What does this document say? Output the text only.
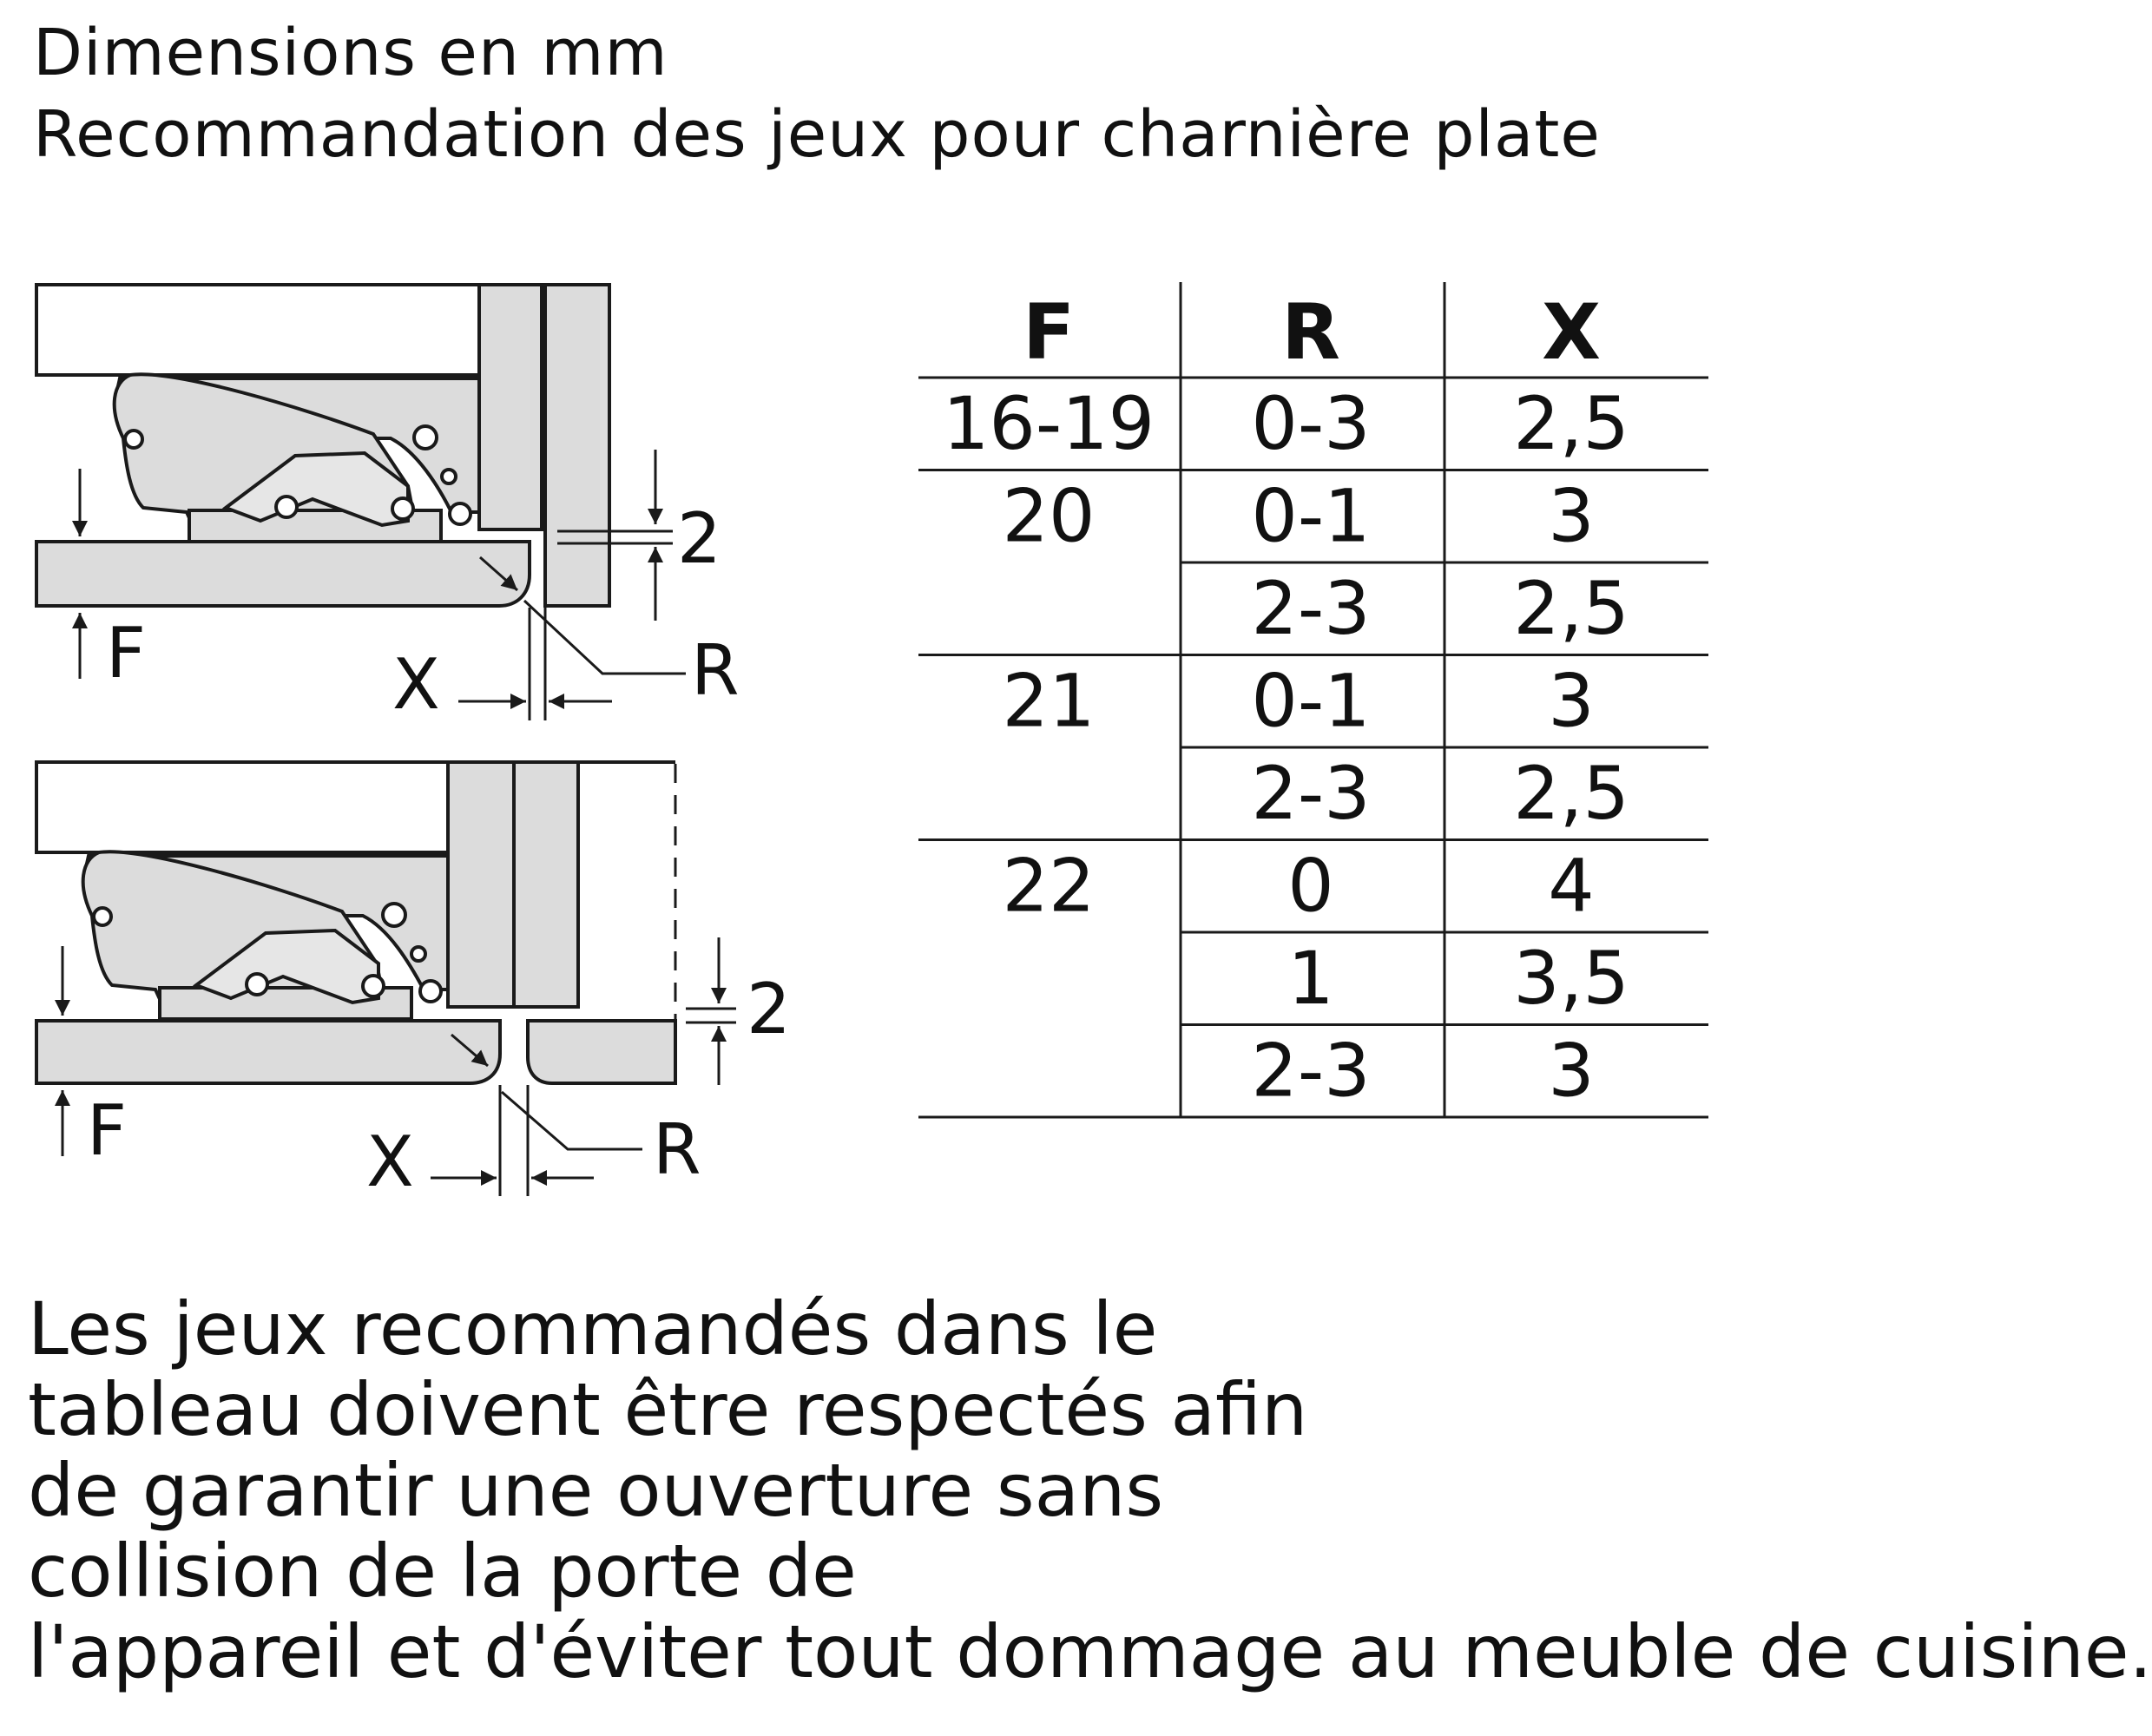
Dimensions en mm
Recommandation des jeux pour charnière plate
F	X	R
2
F	X	R
2
F	R	X
16-19 0-3 2,5
20 0-1 3
2-3 2,5
21 0-1 3
2-3 2,5
22	0	4
1 3,5
2-3 3
Les jeux recommandés dans le
tableau doivent être respectés afin
de garantir une ouverture sans
collision de la porte de
l'appareil et d'éviter tout dommage au meuble de cuisine.
